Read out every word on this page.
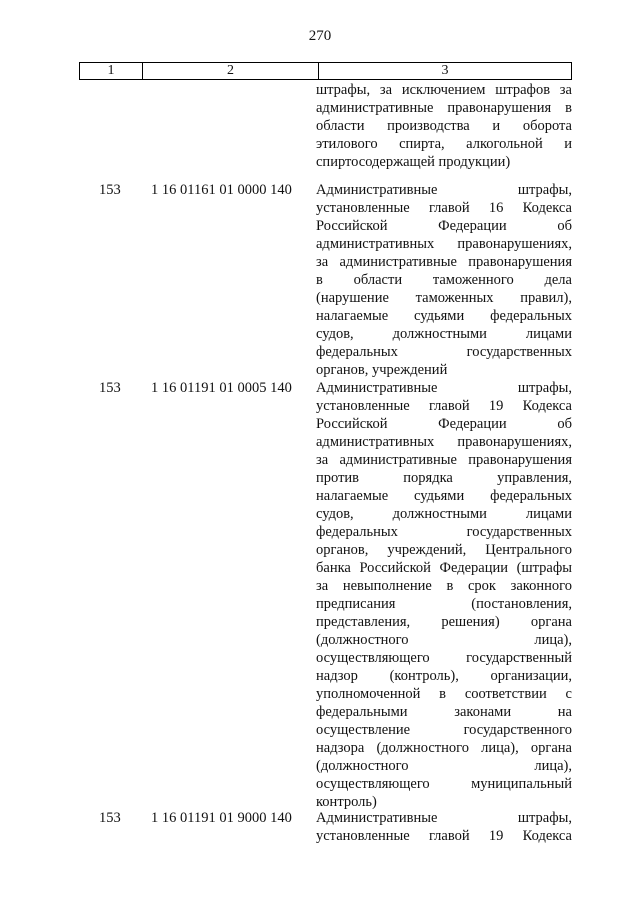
270
1	2	3
штрафы, за исключением штрафов за
административные правонарушения в
области производства и оборота
этилового спирта, алкогольной и
спиртосодержащей продукции)
153	1 16 01161 01 0000 140	Административные	штрафы,
установленные главой 16 Кодекса
Российской	Федерации	об
административных правонарушениях,
за административные правонарушения
в области таможенного дела
(нарушение таможенных правил),
налагаемые судьями федеральных
судов,	должностными	лицами
федеральных	государственных
органов, учреждений
153	1 16 01191 01 0005 140	Административные	штрафы,
установленные главой 19 Кодекса
Российской	Федерации	об
административных правонарушениях,
за административные правонарушения
против	порядка	управления,
налагаемые судьями федеральных
судов,	должностными	лицами
федеральных	государственных
органов, учреждений, Центрального
банка Российской Федерации (штрафы
за невыполнение в срок законного
предписания	(постановления,
представления, решения) органа
(должностного	лица),
осуществляющего	государственный
надзор (контроль), организации,
уполномоченной в соответствии с
федеральными	законами	на
осуществление	государственного
надзора (должностного лица), органа
(должностного	лица),
осуществляющего	муниципальный
контроль)
153	1 16 01191 01 9000 140	Административные	штрафы,
установленные главой 19 Кодекса
